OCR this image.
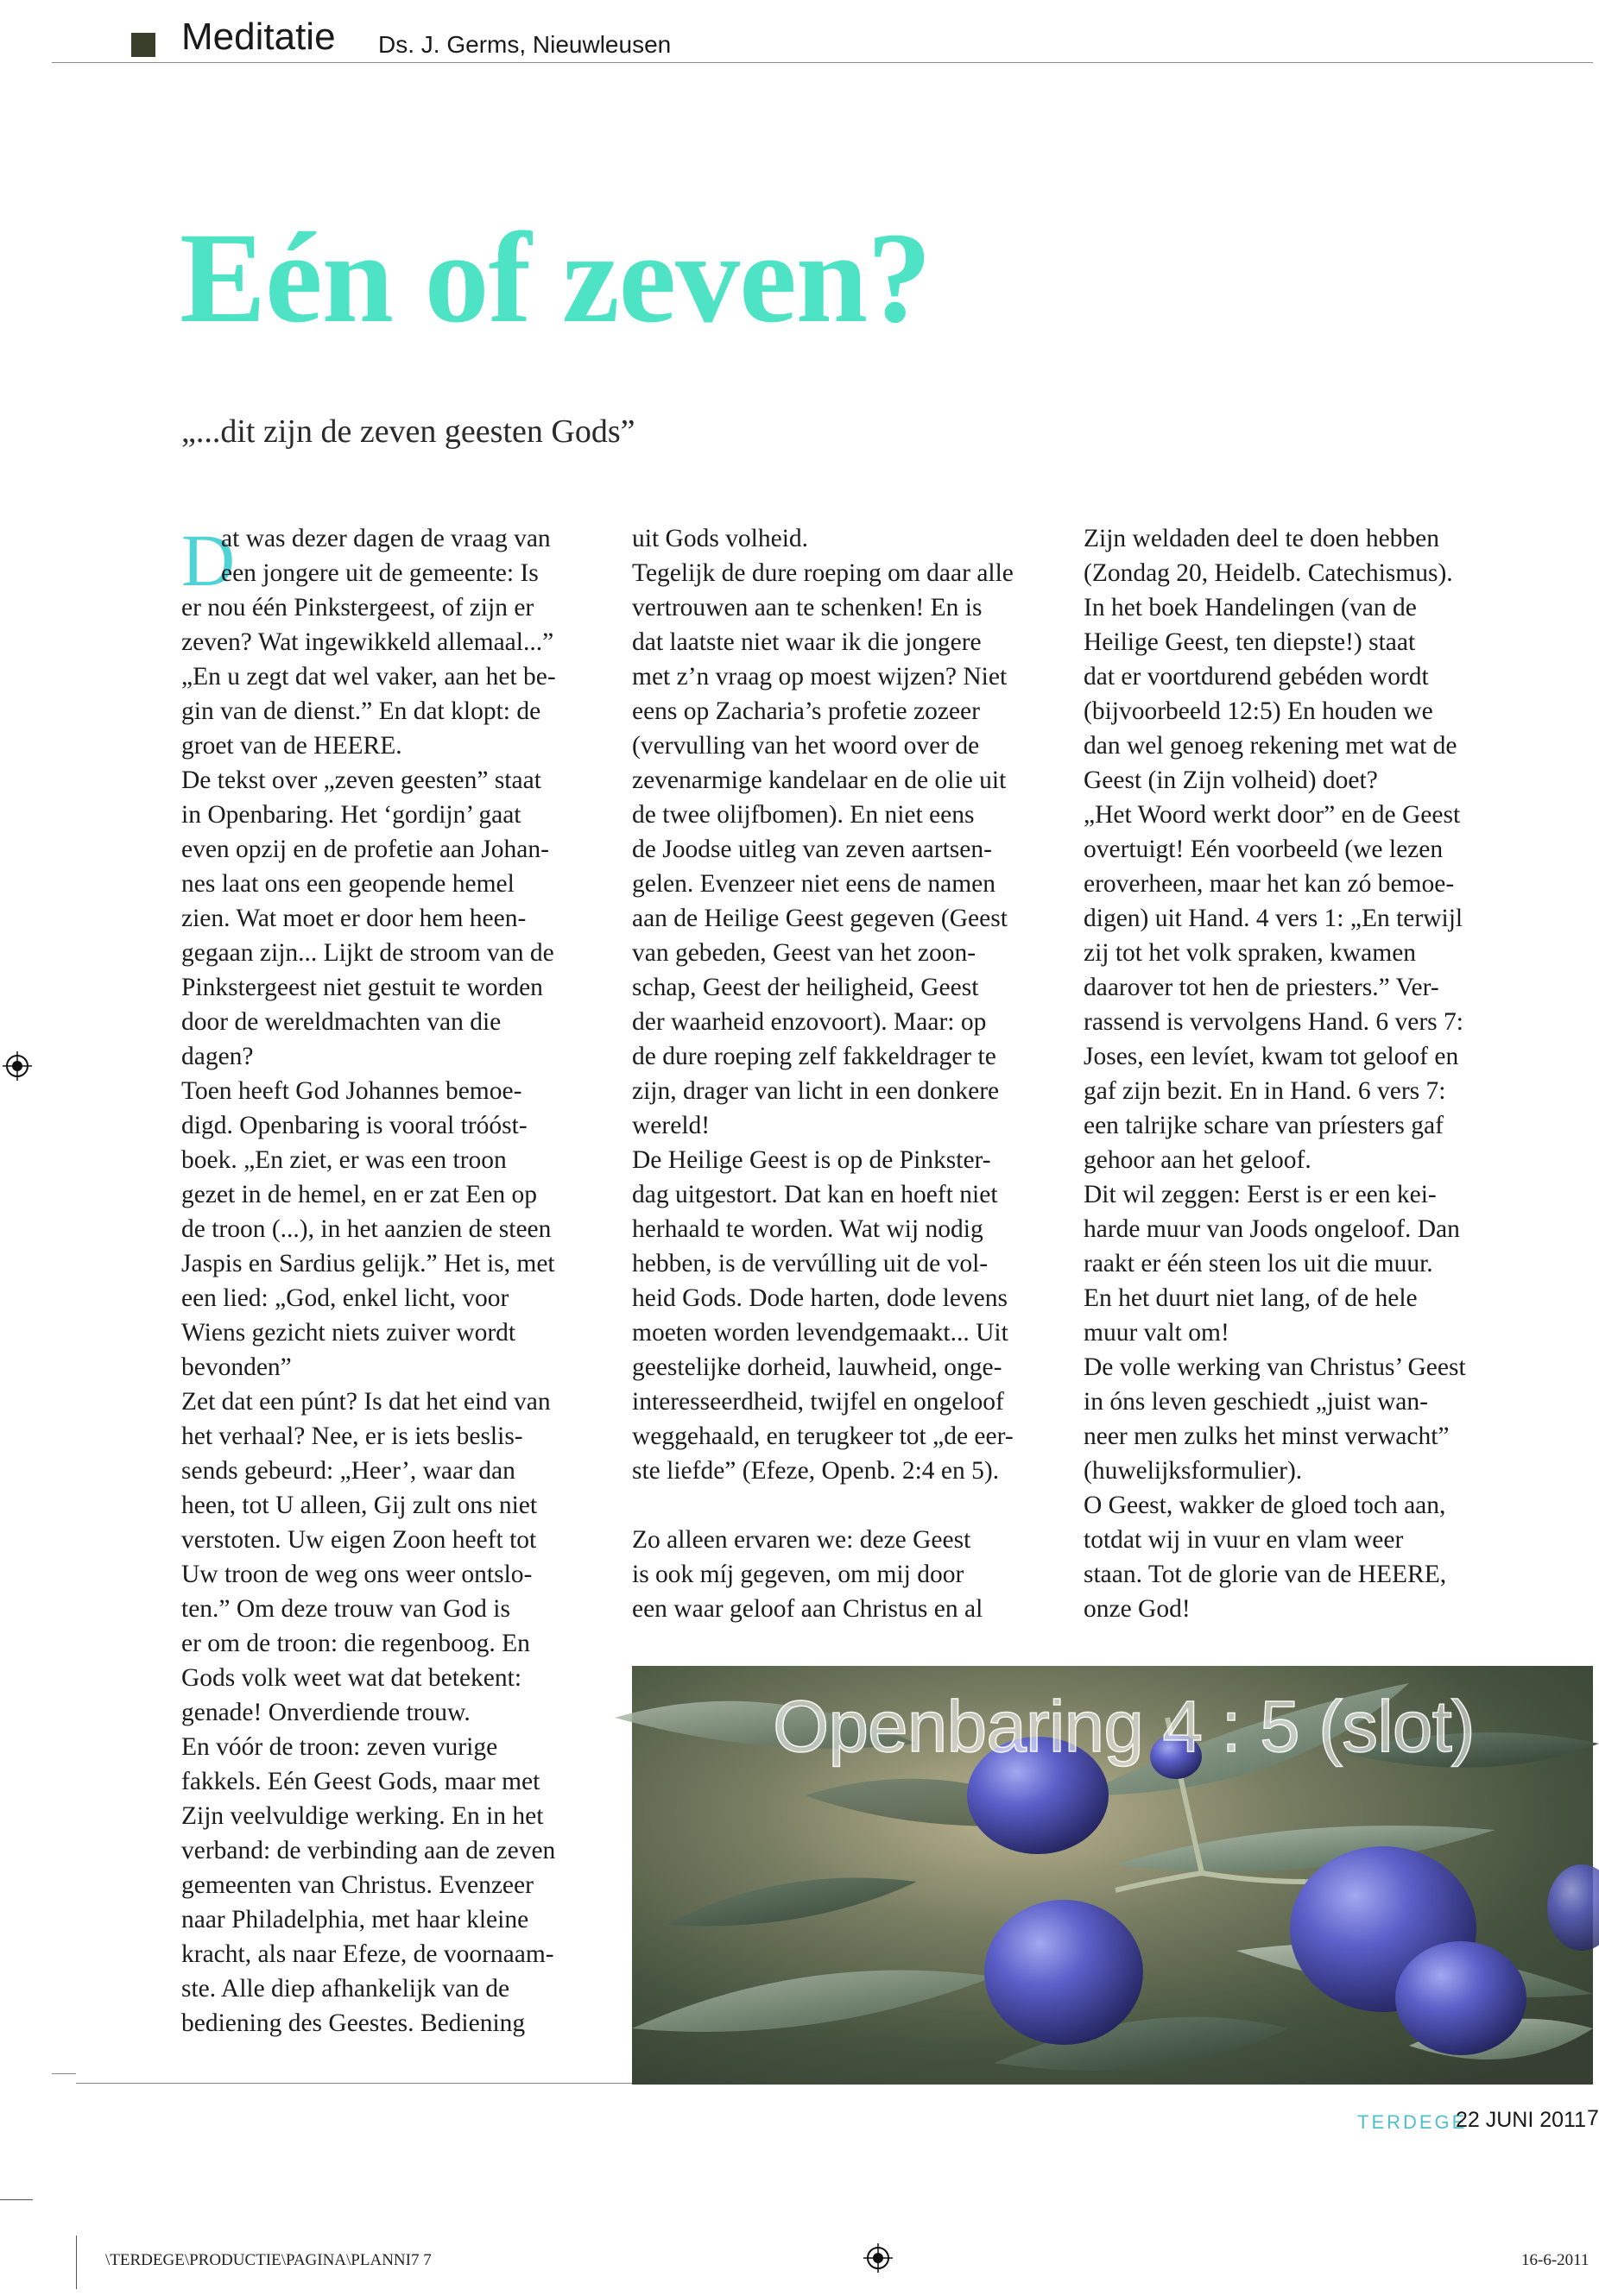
Meditatie Ds. J. Germs, Nieuwleusen
Eén of zeven?
„...dit zijn de zeven geesten Gods”
D
at was dezer dagen de vraag van
een jongere uit de gemeente: Is
er nou één Pinkstergeest, of zijn er
zeven? Wat ingewikkeld allemaal...”
„En u zegt dat wel vaker, aan het be-
gin van de dienst.” En dat klopt: de
groet van de HEERE.
De tekst over „zeven geesten” staat
in Openbaring. Het ‘gordijn’ gaat
even opzij en de profetie aan Johan-
nes laat ons een geopende hemel
zien. Wat moet er door hem heen-
gegaan zijn... Lijkt de stroom van de
Pinkstergeest niet gestuit te worden
door de wereldmachten van die
dagen?
Toen heeft God Johannes bemoe-
digd. Openbaring is vooral tróóst-
boek. „En ziet, er was een troon
gezet in de hemel, en er zat Een op
de troon (...), in het aanzien de steen
Jaspis en Sardius gelijk.” Het is, met
een lied: „God, enkel licht, voor
Wiens gezicht niets zuiver wordt
bevonden”
Zet dat een púnt? Is dat het eind van
het verhaal? Nee, er is iets beslis-
sends gebeurd: „Heer’, waar dan
heen, tot U alleen, Gij zult ons niet
verstoten. Uw eigen Zoon heeft tot
Uw troon de weg ons weer ontslo-
ten.” Om deze trouw van God is
er om de troon: die regenboog. En
Gods volk weet wat dat betekent:
genade! Onverdiende trouw.
En vóór de troon: zeven vurige
fakkels. Eén Geest Gods, maar met
Zijn veelvuldige werking. En in het
verband: de verbinding aan de zeven
gemeenten van Christus. Evenzeer
naar Philadelphia, met haar kleine
kracht, als naar Efeze, de voornaam-
ste. Alle diep afhankelijk van de
bediening des Geestes. Bediening
uit Gods volheid.
Tegelijk de dure roeping om daar alle
vertrouwen aan te schenken! En is
dat laatste niet waar ik die jongere
met z’n vraag op moest wijzen? Niet
eens op Zacharia’s profetie zozeer
(vervulling van het woord over de
zevenarmige kandelaar en de olie uit
de twee olijfbomen). En niet eens
de Joodse uitleg van zeven aartsen-
gelen. Evenzeer niet eens de namen
aan de Heilige Geest gegeven (Geest
van gebeden, Geest van het zoon-
schap, Geest der heiligheid, Geest
der waarheid enzovoort). Maar: op
de dure roeping zelf fakkeldrager te
zijn, drager van licht in een donkere
wereld!
De Heilige Geest is op de Pinkster-
dag uitgestort. Dat kan en hoeft niet
herhaald te worden. Wat wij nodig
hebben, is de vervúlling uit de vol-
heid Gods. Dode harten, dode levens
moeten worden levendgemaakt... Uit
geestelijke dorheid, lauwheid, onge-
interesseerdheid, twijfel en ongeloof
weggehaald, en terugkeer tot „de eer-
ste liefde” (Efeze, Openb. 2:4 en 5).
Zo alleen ervaren we: deze Geest
is ook míj gegeven, om mij door
een waar geloof aan Christus en al
Zijn weldaden deel te doen hebben
(Zondag 20, Heidelb. Catechismus).
In het boek Handelingen (van de
Heilige Geest, ten diepste!) staat
dat er voortdurend gebéden wordt
(bijvoorbeeld 12:5) En houden we
dan wel genoeg rekening met wat de
Geest (in Zijn volheid) doet?
„Het Woord werkt door” en de Geest
overtuigt! Eén voorbeeld (we lezen
eroverheen, maar het kan zó bemoe-
digen) uit Hand. 4 vers 1: „En terwijl
zij tot het volk spraken, kwamen
daarover tot hen de priesters.” Ver-
rassend is vervolgens Hand. 6 vers 7:
Joses, een levíet, kwam tot geloof en
gaf zijn bezit. En in Hand. 6 vers 7:
een talrijke schare van príesters gaf
gehoor aan het geloof.
Dit wil zeggen: Eerst is er een kei-
harde muur van Joods ongeloof. Dan
raakt er één steen los uit die muur.
En het duurt niet lang, of de hele
muur valt om!
De volle werking van Christus’ Geest
in óns leven geschiedt „juist wan-
neer men zulks het minst verwacht”
(huwelijksformulier).
O Geest, wakker de gloed toch aan,
totdat wij in vuur en vlam weer
staan. Tot de glorie van de HEERE,
onze God!
Openbaring 4 : 5 (slot)
TERDEGE
22 JUNI 2011 7
\TERDEGE\PRODUCTIE\PAGINA\PLANNI7 7	16-6-2011
